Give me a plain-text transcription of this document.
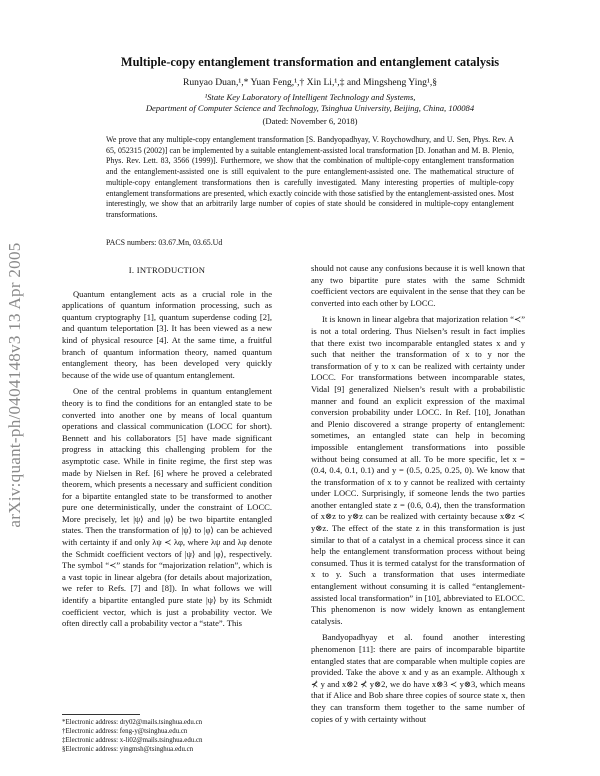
arXiv:quant-ph/0404148v3 13 Apr 2005
Multiple-copy entanglement transformation and entanglement catalysis
Runyao Duan,¹,* Yuan Feng,¹,† Xin Li,¹,‡ and Mingsheng Ying¹,§
¹State Key Laboratory of Intelligent Technology and Systems,
Department of Computer Science and Technology, Tsinghua University, Beijing, China, 100084
(Dated: November 6, 2018)
We prove that any multiple-copy entanglement transformation [S. Bandyopadhyay, V. Roychowdhury, and U. Sen, Phys. Rev. A 65, 052315 (2002)] can be implemented by a suitable entanglement-assisted local transformation [D. Jonathan and M. B. Plenio, Phys. Rev. Lett. 83, 3566 (1999)]. Furthermore, we show that the combination of multiple-copy entanglement transformation and the entanglement-assisted one is still equivalent to the pure entanglement-assisted one. The mathematical structure of multiple-copy entanglement transformations then is carefully investigated. Many interesting properties of multiple-copy entanglement transformations are presented, which exactly coincide with those satisfied by the entanglement-assisted ones. Most interestingly, we show that an arbitrarily large number of copies of state should be considered in multiple-copy entanglement transformations.
PACS numbers: 03.67.Mn, 03.65.Ud
I. INTRODUCTION

Quantum entanglement acts as a crucial role in the applications of quantum information processing, such as quantum cryptography [1], quantum superdense coding [2], and quantum teleportation [3]. It has been viewed as a new kind of physical resource [4]. At the same time, a fruitful branch of quantum information theory, named quantum entanglement theory, has been developed very quickly because of the wide use of quantum entanglement.

One of the central problems in quantum entanglement theory is to find the conditions for an entangled state to be converted into another one by means of local quantum operations and classical communication (LOCC for short). Bennett and his collaborators [5] have made significant progress in attacking this challenging problem for the asymptotic case. While in finite regime, the first step was made by Nielsen in Ref. [6] where he proved a celebrated theorem, which presents a necessary and sufficient condition for a bipartite entangled state to be transformed to another pure one deterministically, under the constraint of LOCC. More precisely, let |ψ⟩ and |φ⟩ be two bipartite entangled states. Then the transformation of |ψ⟩ to |φ⟩ can be achieved with certainty if and only λψ ≺ λφ, where λψ and λφ denote the Schmidt coefficient vectors of |ψ⟩ and |φ⟩, respectively. The symbol “≺” stands for “majorization relation”, which is a vast topic in linear algebra (for details about majorization, we refer to Refs. [7] and [8]). In what follows we will identify a bipartite entangled pure state |ψ⟩ by its Schmidt coefficient vector, which is just a probability vector. We often directly call a probability vector a “state”. This

should not cause any confusions because it is well known that any two bipartite pure states with the same Schmidt coefficient vectors are equivalent in the sense that they can be converted into each other by LOCC.

It is known in linear algebra that majorization relation “≺” is not a total ordering. Thus Nielsen’s result in fact implies that there exist two incomparable entangled states x and y such that neither the transformation of x to y nor the transformation of y to x can be realized with certainty under LOCC. For transformations between incomparable states, Vidal [9] generalized Nielsen’s result with a probabilistic manner and found an explicit expression of the maximal conversion probability under LOCC. In Ref. [10], Jonathan and Plenio discovered a strange property of entanglement: sometimes, an entangled state can help in becoming impossible entanglement transformations into possible without being consumed at all. To be more specific, let x = (0.4, 0.4, 0.1, 0.1) and y = (0.5, 0.25, 0.25, 0). We know that the transformation of x to y cannot be realized with certainty under LOCC. Surprisingly, if someone lends the two parties another entangled state z = (0.6, 0.4), then the transformation of x⊗z to y⊗z can be realized with certainty because x⊗z ≺ y⊗z. The effect of the state z in this transformation is just similar to that of a catalyst in a chemical process since it can help the entanglement transformation process without being consumed. Thus it is termed catalyst for the transformation of x to y. Such a transformation that uses intermediate entanglement without consuming it is called “entanglement-assisted local transformation” in [10], abbreviated to ELOCC. This phenomenon is now widely known as entanglement catalysis.

Bandyopadhyay et al. found another interesting phenomenon [11]: there are pairs of incomparable bipartite entangled states that are comparable when multiple copies are provided. Take the above x and y as an example. Although x ⊀ y and x⊗2 ⊀ y⊗2, we do have x⊗3 ≺ y⊗3, which means that if Alice and Bob share three copies of source state x, then they can transform them together to the same number of copies of y with certainty without

*Electronic address: dry02@mails.tsinghua.edu.cn
†Electronic address: feng-y@tsinghua.edu.cn
‡Electronic address: x-li02@mails.tsinghua.edu.cn
§Electronic address: yingmsh@tsinghua.edu.cn
